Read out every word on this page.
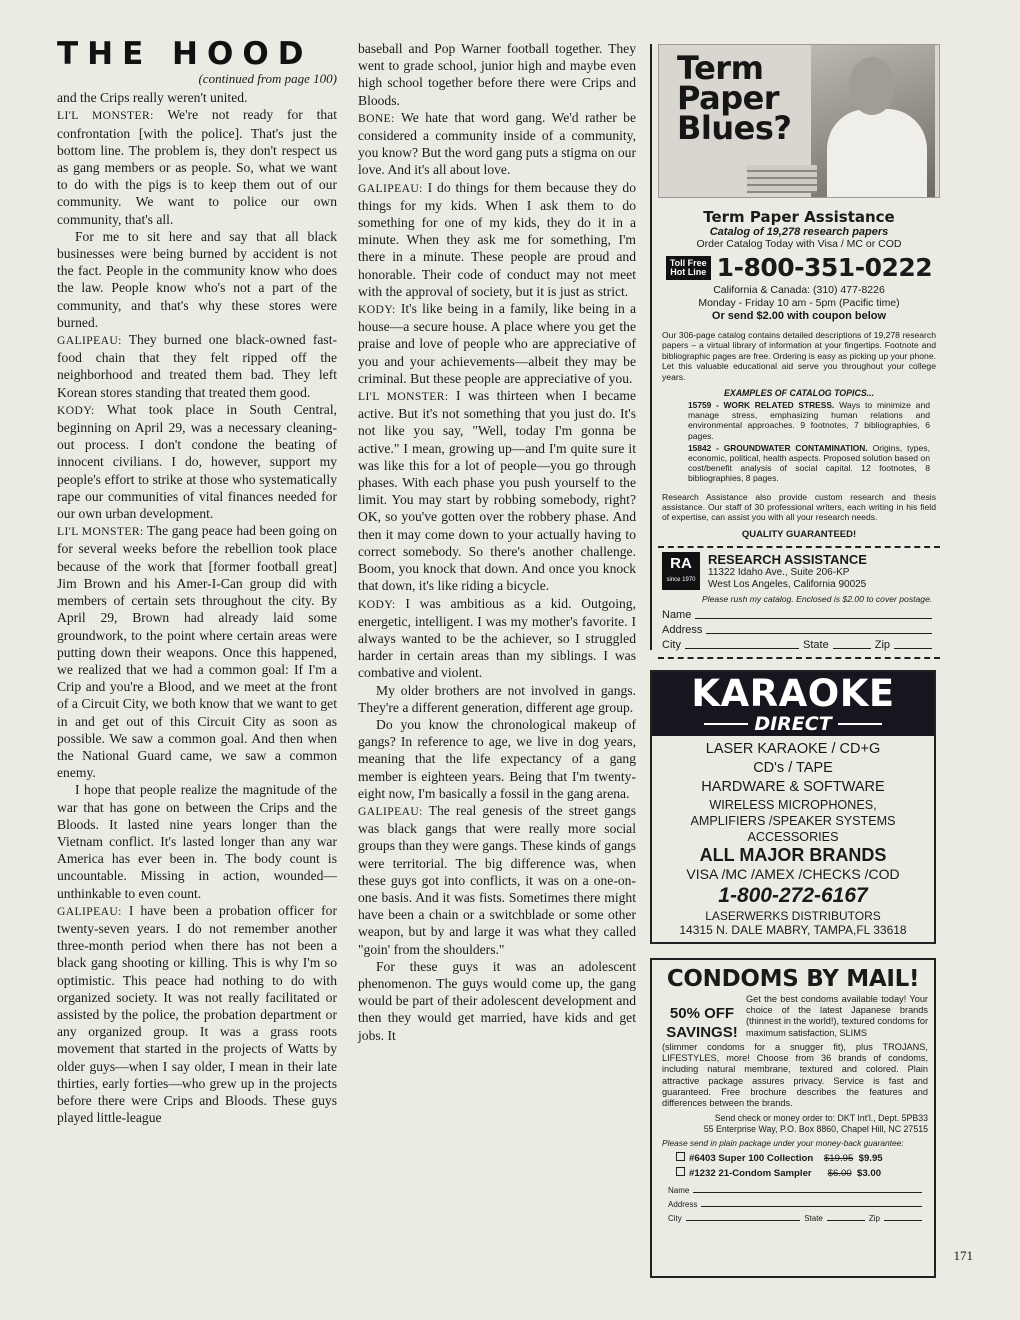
THE HOOD
(continued from page 100)

and the Crips really weren't united.

LI'L MONSTER: We're not ready for that confrontation [with the police]. That's just the bottom line. The problem is, they don't respect us as gang members or as people. So, what we want to do with the pigs is to keep them out of our community. We want to police our own community, that's all.

For me to sit here and say that all black businesses were being burned by accident is not the fact. People in the community know who does the law. People know who's not a part of the community, and that's why these stores were burned.

GALIPEAU: They burned one black-owned fast-food chain that they felt ripped off the neighborhood and treated them bad. They left Korean stores standing that treated them good.

KODY: What took place in South Central, beginning on April 29, was a necessary cleaning-out process. I don't condone the beating of innocent civilians. I do, however, support my people's effort to strike at those who systematically rape our communities of vital finances needed for our own urban development.

LI'L MONSTER: The gang peace had been going on for several weeks before the rebellion took place because of the work that [former football great] Jim Brown and his Amer-I-Can group did with members of certain sets throughout the city. By April 29, Brown had already laid some groundwork, to the point where certain areas were putting down their weapons. Once this happened, we realized that we had a common goal: If I'm a Crip and you're a Blood, and we meet at the front of a Circuit City, we both know that we want to get in and get out of this Circuit City as soon as possible. We saw a common goal. And then when the National Guard came, we saw a common enemy.

I hope that people realize the magnitude of the war that has gone on between the Crips and the Bloods. It lasted nine years longer than the Vietnam conflict. It's lasted longer than any war America has ever been in. The body count is uncountable. Missing in action, wounded—unthinkable to even count.

GALIPEAU: I have been a probation officer for twenty-seven years. I do not remember another three-month period when there has not been a black gang shooting or killing. This is why I'm so optimistic. This peace had nothing to do with organized society. It was not really facilitated or assisted by the police, the probation department or any organized group. It was a grass roots movement that started in the projects of Watts by older guys—when I say older, I mean in their late thirties, early forties—who grew up in the projects before there were Crips and Bloods. These guys played little-league

baseball and Pop Warner football together. They went to grade school, junior high and maybe even high school together before there were Crips and Bloods.

BONE: We hate that word gang. We'd rather be considered a community inside of a community, you know? But the word gang puts a stigma on our love. And it's all about love.

GALIPEAU: I do things for them because they do things for my kids. When I ask them to do something for one of my kids, they do it in a minute. When they ask me for something, I'm there in a minute. These people are proud and honorable. Their code of conduct may not meet with the approval of society, but it is just as strict.

KODY: It's like being in a family, like being in a house—a secure house. A place where you get the praise and love of people who are appreciative of you and your achievements—albeit they may be criminal. But these people are appreciative of you.

LI'L MONSTER: I was thirteen when I became active. But it's not something that you just do. It's not like you say, "Well, today I'm gonna be active." I mean, growing up—and I'm quite sure it was like this for a lot of people—you go through phases. With each phase you push yourself to the limit. You may start by robbing somebody, right? OK, so you've gotten over the robbery phase. And then it may come down to your actually having to correct somebody. So there's another challenge. Boom, you knock that down. And once you knock that down, it's like riding a bicycle.

KODY: I was ambitious as a kid. Outgoing, energetic, intelligent. I was my mother's favorite. I always wanted to be the achiever, so I struggled harder in certain areas than my siblings. I was combative and violent.

My older brothers are not involved in gangs. They're a different generation, different age group.

Do you know the chronological makeup of gangs? In reference to age, we live in dog years, meaning that the life expectancy of a gang member is eighteen years. Being that I'm twenty-eight now, I'm basically a fossil in the gang arena.

GALIPEAU: The real genesis of the street gangs was black gangs that were really more social groups than they were gangs. These kinds of gangs were territorial. The big difference was, when these guys got into conflicts, it was on a one-on-one basis. And it was fists. Sometimes there might have been a chain or a switchblade or some other weapon, but by and large it was what they called "goin' from the shoulders."

For these guys it was an adolescent phenomenon. The guys would come up, the gang would be part of their adolescent development and then they would get married, have kids and get jobs. It

171
Term
Paper
Blues?
Term Paper Assistance
Catalog of 19,278 research papers
Order Catalog Today with Visa / MC or COD
Toll Free
Hot Line 1-800-351-0222
California & Canada: (310) 477-8226
Monday - Friday 10 am - 5pm (Pacific time)
Or send $2.00 with coupon below
Our 306-page catalog contains detailed descriptions of 19,278 research papers – a virtual library of information at your fingertips. Footnote and bibliographic pages are free. Ordering is easy as picking up your phone. Let this valuable educational aid serve you throughout your college years.
EXAMPLES OF CATALOG TOPICS...
15759 - WORK RELATED STRESS. Ways to minimize and manage stress, emphasizing human relations and environmental approaches. 9 footnotes, 7 bibliographies, 6 pages.
15842 - GROUNDWATER CONTAMINATION. Origins, types, economic, political, health aspects. Proposed solution based on cost/benefit analysis of social capital. 12 footnotes, 8 bibliographies, 8 pages.
Research Assistance also provide custom research and thesis assistance. Our staff of 30 professional writers, each writing in his field of expertise, can assist you with all your research needs.
QUALITY GUARANTEED!
RA
since 1970
RESEARCH ASSISTANCE
11322 Idaho Ave., Suite 206-KP
West Los Angeles, California 90025
Please rush my catalog. Enclosed is $2.00 to cover postage.
Name
Address
City	State	Zip
KARAOKE
DIRECT
LASER KARAOKE / CD+G
CD's / TAPE
HARDWARE & SOFTWARE
WIRELESS MICROPHONES,
AMPLIFIERS /SPEAKER SYSTEMS
ACCESSORIES
ALL MAJOR BRANDS
VISA /MC /AMEX /CHECKS /COD
1-800-272-6167
LASERWERKS DISTRIBUTORS
14315 N. DALE MABRY, TAMPA,FL 33618
CONDOMS BY MAIL!
50% OFF
SAVINGS!
Get the best condoms available today! Your choice of the latest Japanese brands (thinnest in the world!), textured condoms for maximum satisfaction, SLIMS
(slimmer condoms for a snugger fit), plus TROJANS, LIFESTYLES, more! Choose from 36 brands of condoms, including natural membrane, textured and colored. Plain attractive package assures privacy. Service is fast and guaranteed. Free brochure describes the features and differences between the brands.
Send check or money order to: DKT Int'l., Dept. 5PB33
55 Enterprise Way, P.O. Box 8860, Chapel Hill, NC 27515
Please send in plain package under your money-back guarantee:
#6403 Super 100 Collection $19.95 $9.95
#1232 21-Condom Sampler $6.00 $3.00
Name
Address
City	State	Zip
